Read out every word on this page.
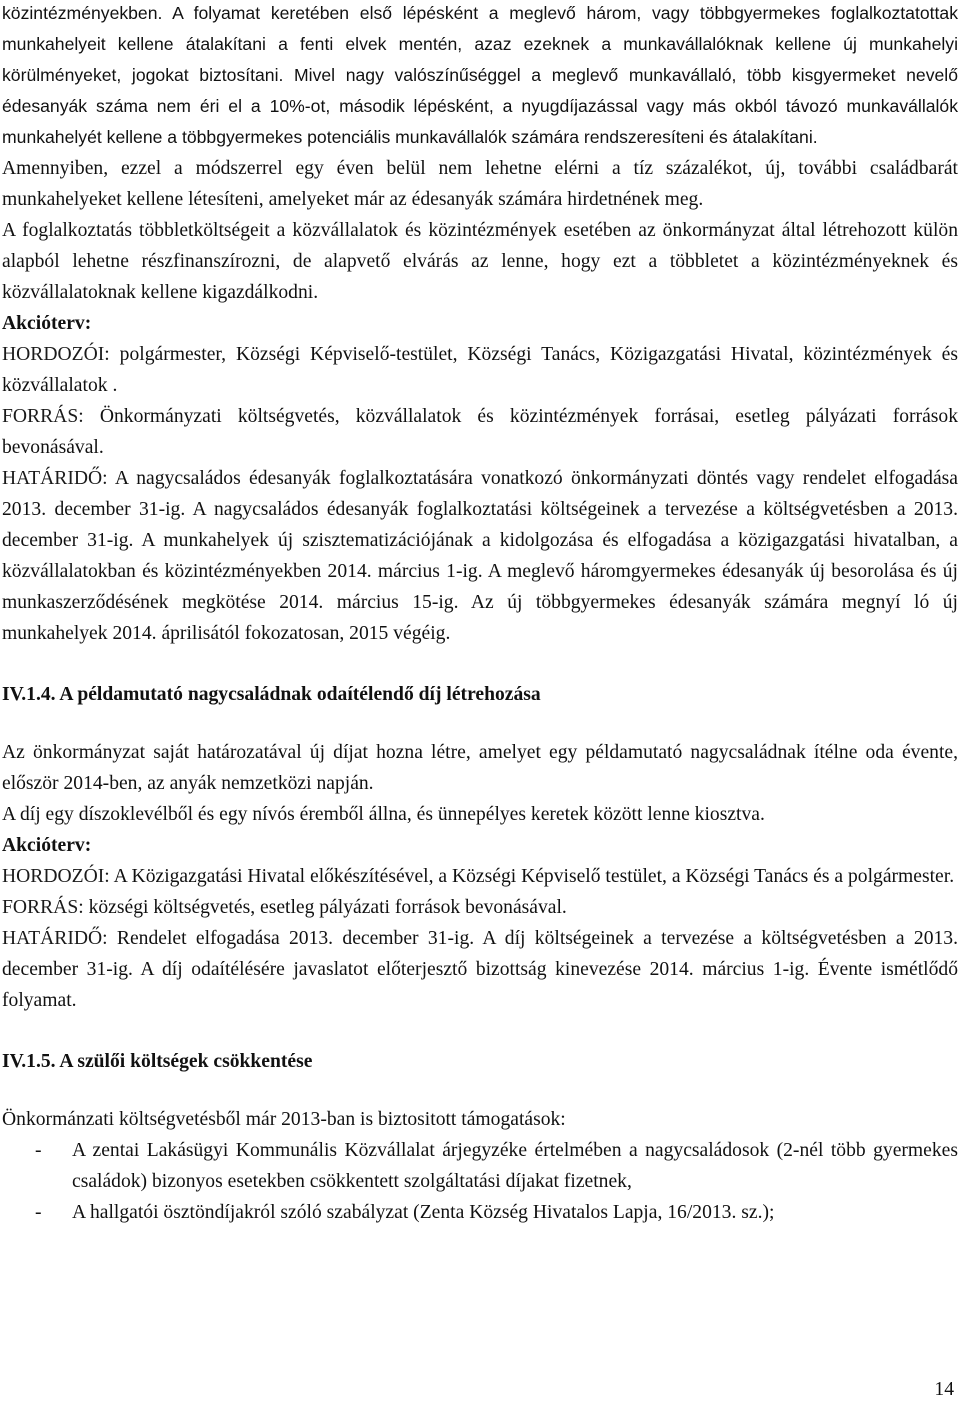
közintézményekben. A folyamat keretében első lépésként a meglevő három, vagy többgyermekes foglalkoztatottak munkahelyeit kellene átalakítani a fenti elvek mentén, azaz ezeknek a munkavállalóknak kellene új munkahelyi körülményeket, jogokat biztosítani. Mivel nagy valószínűséggel a meglevő munkavállaló, több kisgyermeket nevelő édesanyák száma nem éri el a 10%-ot, második lépésként, a nyugdíjazással vagy más okból távozó munkavállalók munkahelyét kellene a többgyermekes potenciális munkavállalók számára rendszeresíteni és átalakítani.

Amennyiben, ezzel a módszerrel egy éven belül nem lehetne elérni a tíz százalékot, új, további családbarát munkahelyeket kellene létesíteni, amelyeket már az édesanyák számára hirdetnének meg.

A foglalkoztatás többletköltségeit a közvállalatok és közintézmények esetében az önkormányzat által létrehozott külön alapból lehetne részfinanszírozni, de alapvető elvárás az lenne, hogy ezt a többletet a közintézményeknek és közvállalatoknak kellene kigazdálkodni.

Akcióterv:

HORDOZÓI: polgármester, Községi Képviselő-testület, Községi Tanács, Közigazgatási Hivatal, közintézmények és közvállalatok .

FORRÁS: Önkormányzati költségvetés, közvállalatok és közintézmények forrásai, esetleg pályázati források bevonásával.

HATÁRIDŐ: A nagycsaládos édesanyák foglalkoztatására vonatkozó önkormányzati döntés vagy rendelet elfogadása 2013. december 31-ig. A nagycsaládos édesanyák foglalkoztatási költségeinek a tervezése a költségvetésben a 2013. december 31-ig. A munkahelyek új szisztematizációjának a kidolgozása és elfogadása a közigazgatási hivatalban, a közvállalatokban és közintézményekben 2014. március 1-ig. A meglevő háromgyermekes édesanyák új besorolása és új munkaszerződésének megkötése 2014. március 15-ig. Az új többgyermekes édesanyák számára megnyí ló új munkahelyek 2014. áprilisától fokozatosan, 2015 végéig.

IV.1.4. A példamutató nagycsaládnak odaítélendő díj létrehozása

Az önkormányzat saját határozatával új díjat hozna létre, amelyet egy példamutató nagycsaládnak ítélne oda évente, először 2014-ben, az anyák nemzetközi napján.

A díj egy díszoklevélből és egy nívós éremből állna, és ünnepélyes keretek között lenne kiosztva.

Akcióterv:

HORDOZÓI: A Közigazgatási Hivatal előkészítésével, a Községi Képviselő testület, a Községi Tanács és a polgármester.

FORRÁS: községi költségvetés, esetleg pályázati források bevonásával.

HATÁRIDŐ: Rendelet elfogadása 2013. december 31-ig. A díj költségeinek a tervezése a költségvetésben a 2013. december 31-ig. A díj odaítélésére javaslatot előterjesztő bizottság kinevezése 2014. március 1-ig. Évente ismétlődő folyamat.

IV.1.5. A szülői költségek csökkentése

Önkormánzati költségvetésből már 2013-ban is biztositott támogatások:

- A zentai Lakásügyi Kommunális Közvállalat árjegyzéke értelmében a nagycsaládosok (2-nél több gyermekes családok) bizonyos esetekben csökkentett szolgáltatási díjakat fizetnek,
- A hallgatói ösztöndíjakról szóló szabályzat (Zenta Község Hivatalos Lapja, 16/2013. sz.);
14
